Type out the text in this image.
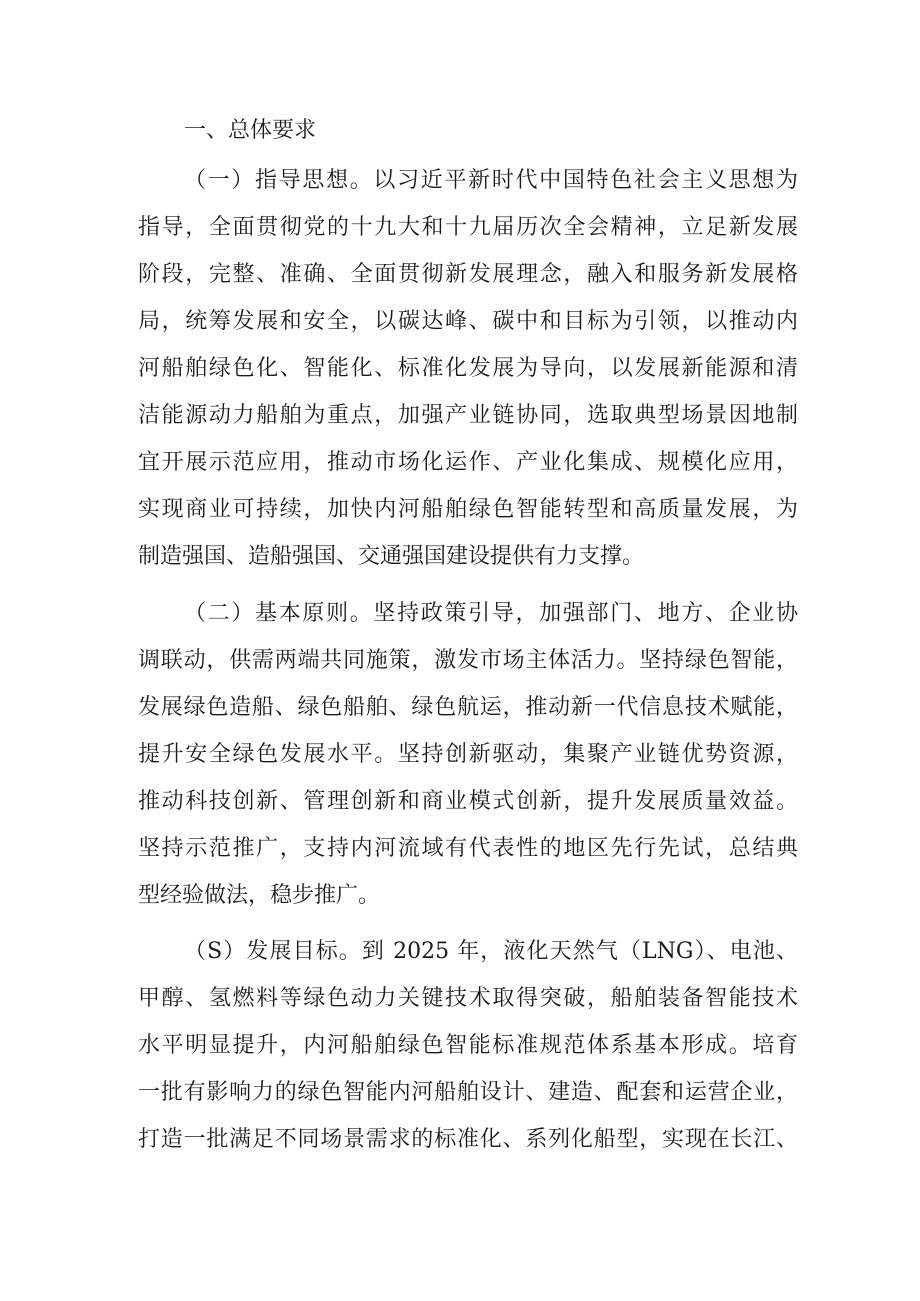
一、总体要求
（一）指导思想。以习近平新时代中国特色社会主义思想为
指导，全面贯彻党的十九大和十九届历次全会精神，立足新发展
阶段，完整、准确、全面贯彻新发展理念，融入和服务新发展格
局，统筹发展和安全，以碳达峰、碳中和目标为引领，以推动内
河船舶绿色化、智能化、标准化发展为导向，以发展新能源和清
洁能源动力船舶为重点，加强产业链协同，选取典型场景因地制
宜开展示范应用，推动市场化运作、产业化集成、规模化应用，
实现商业可持续，加快内河船舶绿色智能转型和高质量发展，为
制造强国、造船强国、交通强国建设提供有力支撑。
（二）基本原则。坚持政策引导，加强部门、地方、企业协
调联动，供需两端共同施策，激发市场主体活力。坚持绿色智能，
发展绿色造船、绿色船舶、绿色航运，推动新一代信息技术赋能，
提升安全绿色发展水平。坚持创新驱动，集聚产业链优势资源，
推动科技创新、管理创新和商业模式创新，提升发展质量效益。
坚持示范推广，支持内河流域有代表性的地区先行先试，总结典
型经验做法，稳步推广。
（S）发展目标。到 2025 年，液化天然气（LNG）、电池、
甲醇、氢燃料等绿色动力关键技术取得突破，船舶装备智能技术
水平明显提升，内河船舶绿色智能标准规范体系基本形成。培育
一批有影响力的绿色智能内河船舶设计、建造、配套和运营企业，
打造一批满足不同场景需求的标准化、系列化船型，实现在长江、
